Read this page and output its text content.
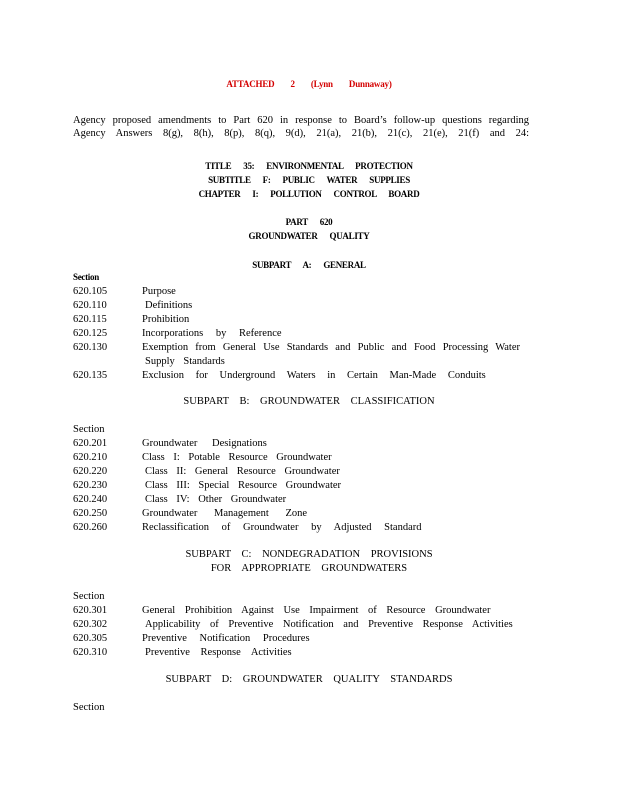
ATTACHED 2 (Lynn Dunnaway)
Agency proposed amendments to Part 620 in response to Board’s follow-up questions regarding
Agency Answers 8(g), 8(h), 8(p), 8(q), 9(d), 21(a), 21(b), 21(c), 21(e), 21(f) and 24:
TITLE 35: ENVIRONMENTAL PROTECTION
SUBTITLE F: PUBLIC WATER SUPPLIES
CHAPTER I: POLLUTION CONTROL BOARD
PART 620
GROUNDWATER QUALITY
SUBPART A: GENERAL
Section
620.105	Purpose
620.110	Definitions
620.115	Prohibition
620.125	Incorporations by Reference
620.130	Exemption from General Use Standards and Public and Food Processing Water
Supply Standards
620.135	Exclusion for Underground Waters in Certain Man-Made Conduits
SUBPART B: GROUNDWATER CLASSIFICATION
Section
620.201	Groundwater Designations
620.210	Class I: Potable Resource Groundwater
620.220	Class II: General Resource Groundwater
620.230	Class III: Special Resource Groundwater
620.240	Class IV: Other Groundwater
620.250	Groundwater Management Zone
620.260	Reclassification of Groundwater by Adjusted Standard
SUBPART C: NONDEGRADATION PROVISIONS
FOR APPROPRIATE GROUNDWATERS
Section
620.301	General Prohibition Against Use Impairment of Resource Groundwater
620.302	Applicability of Preventive Notification and Preventive Response Activities
620.305	Preventive Notification Procedures
620.310	Preventive Response Activities
SUBPART D: GROUNDWATER QUALITY STANDARDS
Section
